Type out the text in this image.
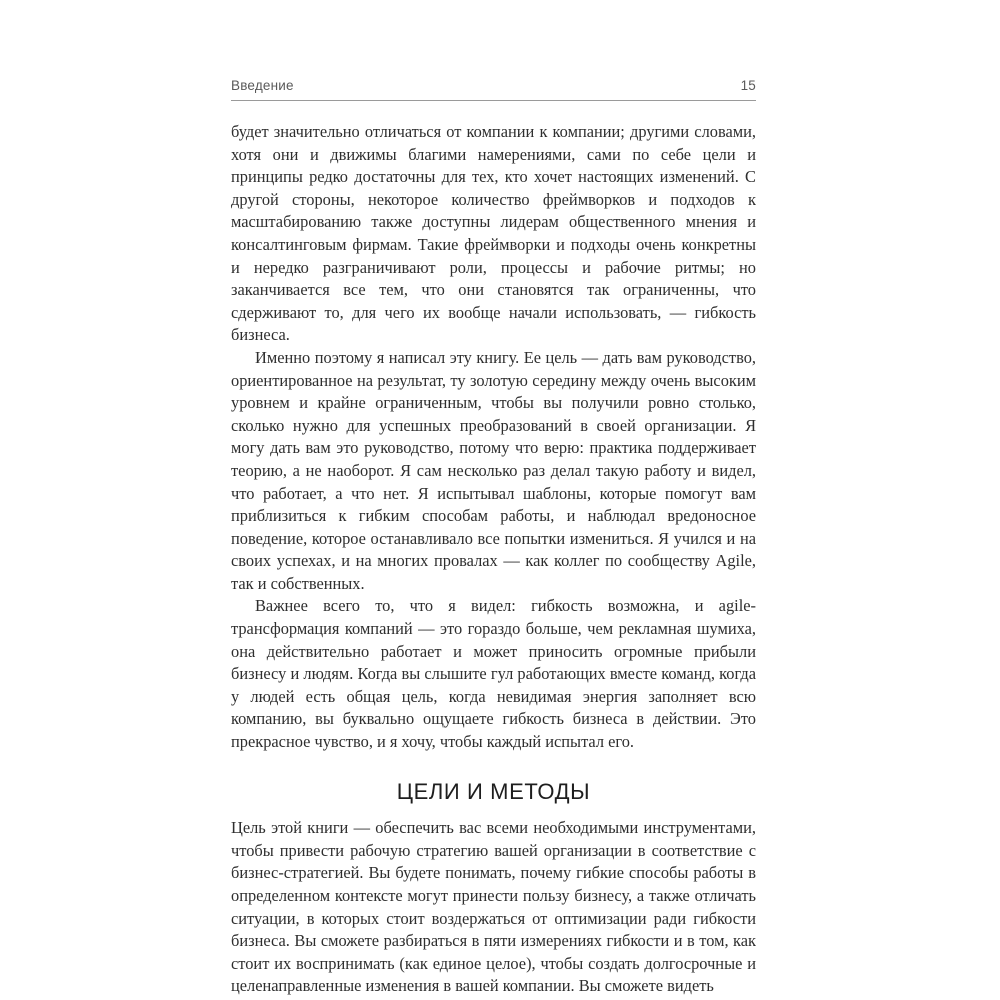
Введение	15

будет значительно отличаться от компании к компании; другими словами, хотя они и движимы благими намерениями, сами по себе цели и принципы редко достаточны для тех, кто хочет настоящих изменений. С другой стороны, некоторое количество фреймворков и подходов к масштабированию также доступны лидерам общественного мнения и консалтинговым фирмам. Такие фреймворки и подходы очень конкретны и нередко разграничивают роли, процессы и рабочие ритмы; но заканчивается все тем, что они становятся так ограниченны, что сдерживают то, для чего их вообще начали использовать, — гибкость бизнеса.

Именно поэтому я написал эту книгу. Ее цель — дать вам руководство, ориентированное на результат, ту золотую середину между очень высоким уровнем и крайне ограниченным, чтобы вы получили ровно столько, сколько нужно для успешных преобразований в своей организации. Я могу дать вам это руководство, потому что верю: практика поддерживает теорию, а не наоборот. Я сам несколько раз делал такую работу и видел, что работает, а что нет. Я испытывал шаблоны, которые помогут вам приблизиться к гибким способам работы, и наблюдал вредоносное поведение, которое останавливало все попытки измениться. Я учился и на своих успехах, и на многих провалах — как коллег по сообществу Agile, так и собственных.

Важнее всего то, что я видел: гибкость возможна, и agile-трансформация компаний — это гораздо больше, чем рекламная шумиха, она действительно работает и может приносить огромные прибыли бизнесу и людям. Когда вы слышите гул работающих вместе команд, когда у людей есть общая цель, когда невидимая энергия заполняет всю компанию, вы буквально ощущаете гибкость бизнеса в действии. Это прекрасное чувство, и я хочу, чтобы каждый испытал его.

ЦЕЛИ И МЕТОДЫ

Цель этой книги — обеспечить вас всеми необходимыми инструментами, чтобы привести рабочую стратегию вашей организации в соответствие с бизнес-стратегией. Вы будете понимать, почему гибкие способы работы в определенном контексте могут принести пользу бизнесу, а также отличать ситуации, в которых стоит воздержаться от оптимизации ради гибкости бизнеса. Вы сможете разбираться в пяти измерениях гибкости и в том, как стоит их воспринимать (как единое целое), чтобы создать долгосрочные и целенаправленные изменения в вашей компании. Вы сможете видеть
